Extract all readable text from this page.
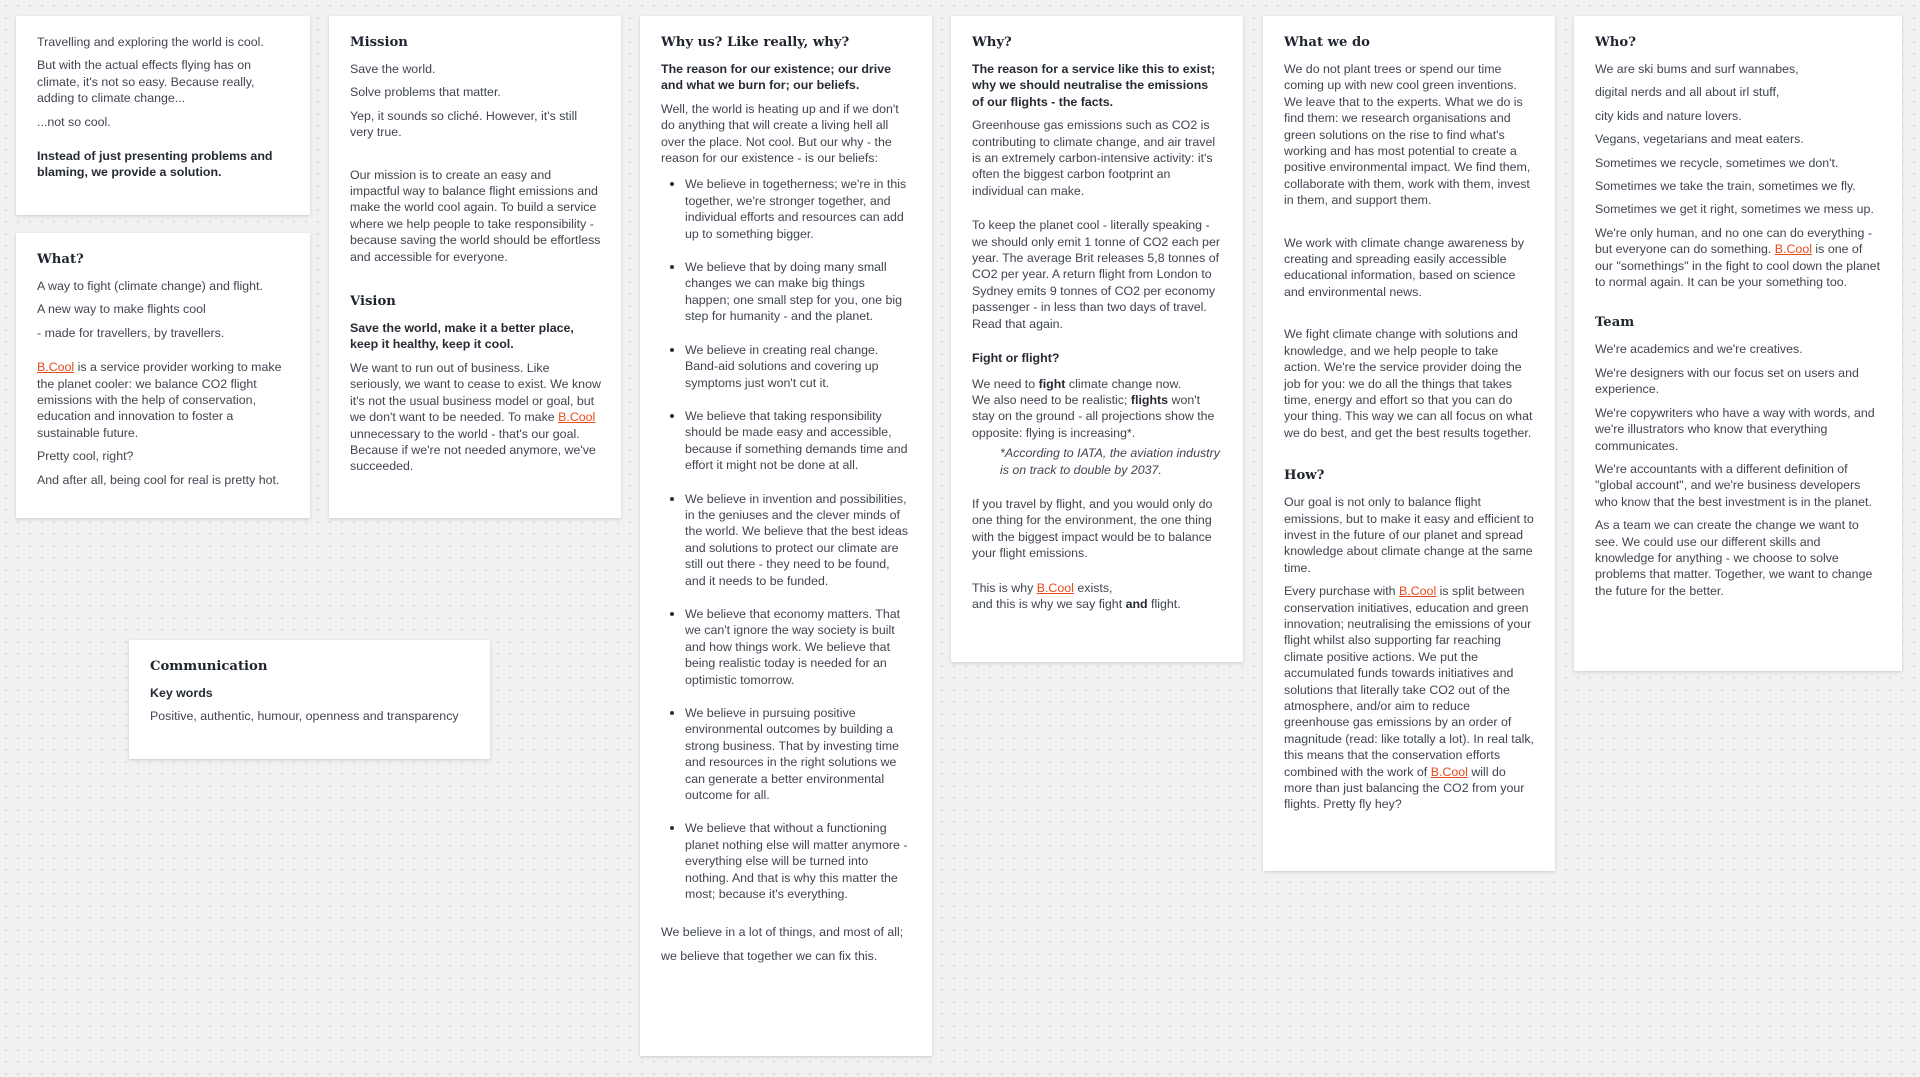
Travelling and exploring the world is cool.

But with the actual effects flying has on climate, it's not so easy. Because really, adding to climate change...

...not so cool.

Instead of just presenting problems and blaming, we provide a solution.

What?

A way to fight (climate change) and flight.

A new way to make flights cool

- made for travellers, by travellers.

B.Cool is a service provider working to make the planet cooler: we balance CO2 flight emissions with the help of conservation, education and innovation to foster a sustainable future.

Pretty cool, right?

And after all, being cool for real is pretty hot.

Mission

Save the world.

Solve problems that matter.

Yep, it sounds so cliché. However, it's still very true.

Our mission is to create an easy and impactful way to balance flight emissions and make the world cool again. To build a service where we help people to take responsibility - because saving the world should be effortless and accessible for everyone.

Vision

Save the world, make it a better place, keep it healthy, keep it cool.

We want to run out of business. Like seriously, we want to cease to exist. We know it's not the usual business model or goal, but we don't want to be needed. To make B.Cool unnecessary to the world - that's our goal. Because if we're not needed anymore, we've succeeded.

Why us? Like really, why?

The reason for our existence; our drive and what we burn for; our beliefs.

Well, the world is heating up and if we don't do anything that will create a living hell all over the place. Not cool. But our why - the reason for our existence - is our beliefs:

• We believe in togetherness; we're in this together, we're stronger together, and individual efforts and resources can add up to something bigger.
• We believe that by doing many small changes we can make big things happen; one small step for you, one big step for humanity - and the planet.
• We believe in creating real change. Band-aid solutions and covering up symptoms just won't cut it.
• We believe that taking responsibility should be made easy and accessible, because if something demands time and effort it might not be done at all.
• We believe in invention and possibilities, in the geniuses and the clever minds of the world. We believe that the best ideas and solutions to protect our climate are still out there - they need to be found, and it needs to be funded.
• We believe that economy matters. That we can't ignore the way society is built and how things work. We believe that being realistic today is needed for an optimistic tomorrow.
• We believe in pursuing positive environmental outcomes by building a strong business. That by investing time and resources in the right solutions we can generate a better environmental outcome for all.
• We believe that without a functioning planet nothing else will matter anymore - everything else will be turned into nothing. And that is why this matter the most; because it's everything.

We believe in a lot of things, and most of all;

we believe that together we can fix this.

Why?

The reason for a service like this to exist; why we should neutralise the emissions of our flights - the facts.

Greenhouse gas emissions such as CO2 is contributing to climate change, and air travel is an extremely carbon-intensive activity: it's often the biggest carbon footprint an individual can make.

To keep the planet cool - literally speaking - we should only emit 1 tonne of CO2 each per year. The average Brit releases 5,8 tonnes of CO2 per year. A return flight from London to Sydney emits 9 tonnes of CO2 per economy passenger - in less than two days of travel. Read that again.

Fight or flight?

We need to fight climate change now.
We also need to be realistic; flights won't stay on the ground - all projections show the opposite: flying is increasing*.

*According to IATA, the aviation industry is on track to double by 2037.

If you travel by flight, and you would only do one thing for the environment, the one thing with the biggest impact would be to balance your flight emissions.

This is why B.Cool exists,
and this is why we say fight and flight.

What we do

We do not plant trees or spend our time coming up with new cool green inventions. We leave that to the experts. What we do is find them: we research organisations and green solutions on the rise to find what's working and has most potential to create a positive environmental impact. We find them, collaborate with them, work with them, invest in them, and support them.

We work with climate change awareness by creating and spreading easily accessible educational information, based on science and environmental news.

We fight climate change with solutions and knowledge, and we help people to take action. We're the service provider doing the job for you: we do all the things that takes time, energy and effort so that you can do your thing. This way we can all focus on what we do best, and get the best results together.

How?

Our goal is not only to balance flight emissions, but to make it easy and efficient to invest in the future of our planet and spread knowledge about climate change at the same time.

Every purchase with B.Cool is split between conservation initiatives, education and green innovation; neutralising the emissions of your flight whilst also supporting far reaching climate positive actions. We put the accumulated funds towards initiatives and solutions that literally take CO2 out of the atmosphere, and/or aim to reduce greenhouse gas emissions by an order of magnitude (read: like totally a lot). In real talk, this means that the conservation efforts combined with the work of B.Cool will do more than just balancing the CO2 from your flights. Pretty fly hey?

Who?

We are ski bums and surf wannabes,

digital nerds and all about irl stuff,

city kids and nature lovers.

Vegans, vegetarians and meat eaters.

Sometimes we recycle, sometimes we don't.

Sometimes we take the train, sometimes we fly.

Sometimes we get it right, sometimes we mess up.

We're only human, and no one can do everything - but everyone can do something. B.Cool is one of our "somethings" in the fight to cool down the planet to normal again. It can be your something too.

Team

We're academics and we're creatives.

We're designers with our focus set on users and experience.

We're copywriters who have a way with words, and we're illustrators who know that everything communicates.

We're accountants with a different definition of "global account", and we're business developers who know that the best investment is in the planet.

As a team we can create the change we want to see. We could use our different skills and knowledge for anything - we choose to solve problems that matter. Together, we want to change the future for the better.

Communication

Key words

Positive, authentic, humour, openness and transparency
